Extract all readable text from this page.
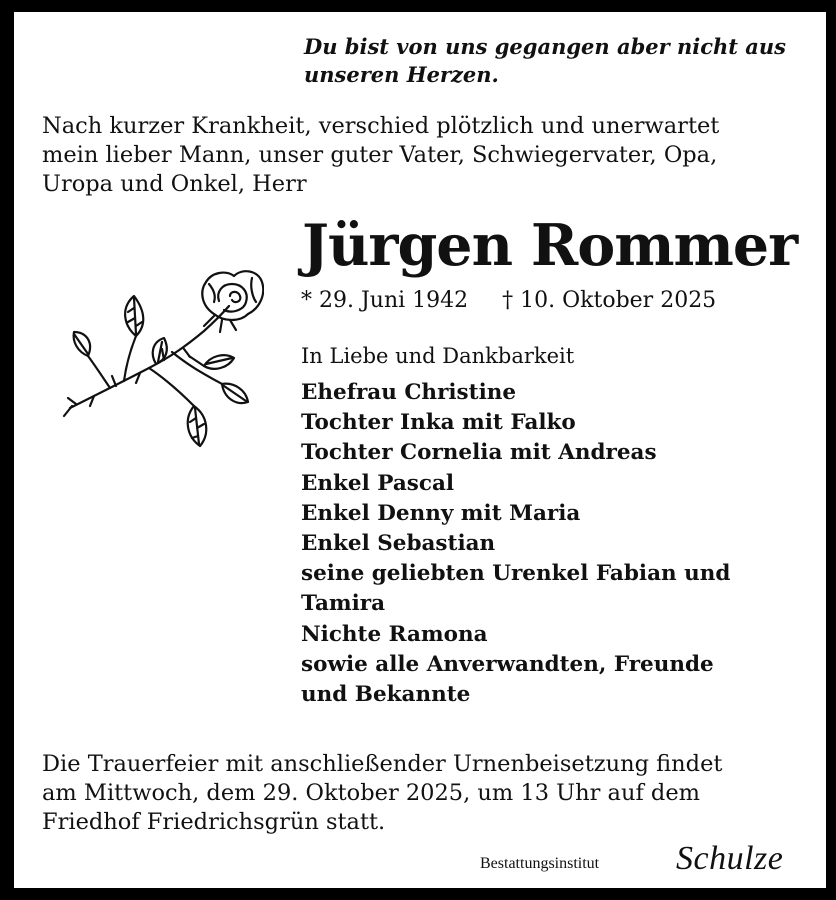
Du bist von uns gegangen aber nicht aus
unseren Herzen.
Nach kurzer Krankheit, verschied plötzlich und unerwartet
mein lieber Mann, unser guter Vater, Schwiegervater, Opa,
Uropa und Onkel, Herr
Jürgen Rommer
* 29. Juni 1942 † 10. Oktober 2025
In Liebe und Dankbarkeit
Ehefrau Christine
Tochter Inka mit Falko
Tochter Cornelia mit Andreas
Enkel Pascal
Enkel Denny mit Maria
Enkel Sebastian
seine geliebten Urenkel Fabian und
Tamira
Nichte Ramona
sowie alle Anverwandten, Freunde
und Bekannte
Die Trauerfeier mit anschließender Urnenbeisetzung findet
am Mittwoch, dem 29. Oktober 2025, um 13 Uhr auf dem
Friedhof Friedrichsgrün statt.
Bestattungsinstitut Schulze
